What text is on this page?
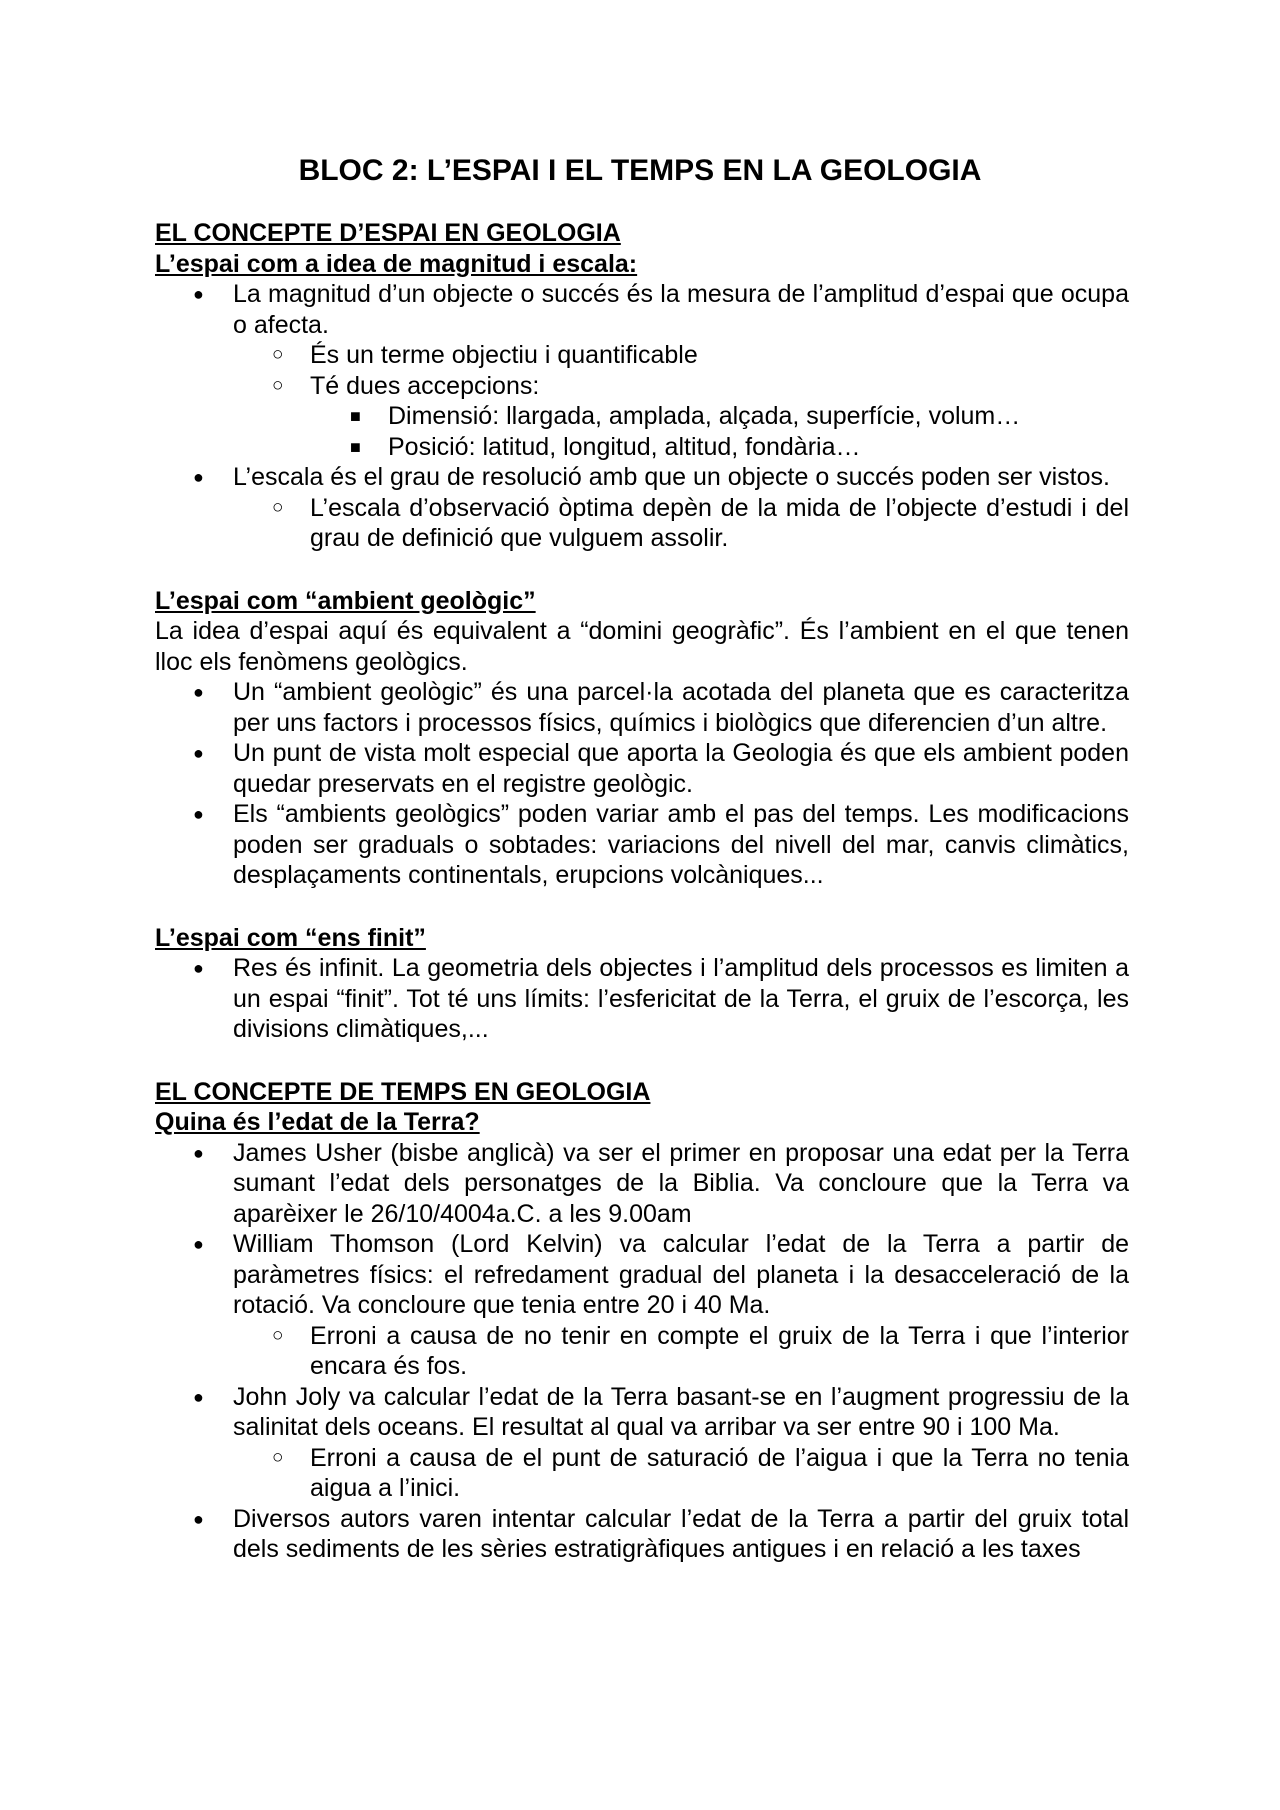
BLOC 2: L’ESPAI I EL TEMPS EN LA GEOLOGIA
EL CONCEPTE D’ESPAI EN GEOLOGIA
L’espai com a idea de magnitud i escala:
● La magnitud d’un objecte o succés és la mesura de l’amplitud d’espai que ocupa o afecta.
○ És un terme objectiu i quantificable
○ Té dues accepcions:
■ Dimensió: llargada, amplada, alçada, superfície, volum…
■ Posició: latitud, longitud, altitud, fondària…
● L’escala és el grau de resolució amb que un objecte o succés poden ser vistos.
○ L’escala d’observació òptima depèn de la mida de l’objecte d’estudi i del grau de definició que vulguem assolir.
L’espai com “ambient geològic”
La idea d’espai aquí és equivalent a “domini geogràfic”. És l’ambient en el que tenen lloc els fenòmens geològics.
● Un “ambient geològic” és una parcel·la acotada del planeta que es caracteritza per uns factors i processos físics, químics i biològics que diferencien d’un altre.
● Un punt de vista molt especial que aporta la Geologia és que els ambient poden quedar preservats en el registre geològic.
● Els “ambients geològics” poden variar amb el pas del temps. Les modificacions poden ser graduals o sobtades: variacions del nivell del mar, canvis climàtics, desplaçaments continentals, erupcions volcàniques...
L’espai com “ens finit”
● Res és infinit. La geometria dels objectes i l’amplitud dels processos es limiten a un espai “finit”. Tot té uns límits: l’esfericitat de la Terra, el gruix de l’escorça, les divisions climàtiques,...
EL CONCEPTE DE TEMPS EN GEOLOGIA
Quina és l’edat de la Terra?
● James Usher (bisbe anglicà) va ser el primer en proposar una edat per la Terra sumant l’edat dels personatges de la Biblia. Va concloure que la Terra va aparèixer le 26/10/4004a.C. a les 9.00am
● William Thomson (Lord Kelvin) va calcular l’edat de la Terra a partir de paràmetres físics: el refredament gradual del planeta i la desacceleració de la rotació. Va concloure que tenia entre 20 i 40 Ma.
○ Erroni a causa de no tenir en compte el gruix de la Terra i que l’interior encara és fos.
● John Joly va calcular l’edat de la Terra basant-se en l’augment progressiu de la salinitat dels oceans. El resultat al qual va arribar va ser entre 90 i 100 Ma.
○ Erroni a causa de el punt de saturació de l’aigua i que la Terra no tenia aigua a l’inici.
● Diversos autors varen intentar calcular l’edat de la Terra a partir del gruix total dels sediments de les sèries estratigràfiques antigues i en relació a les taxes
